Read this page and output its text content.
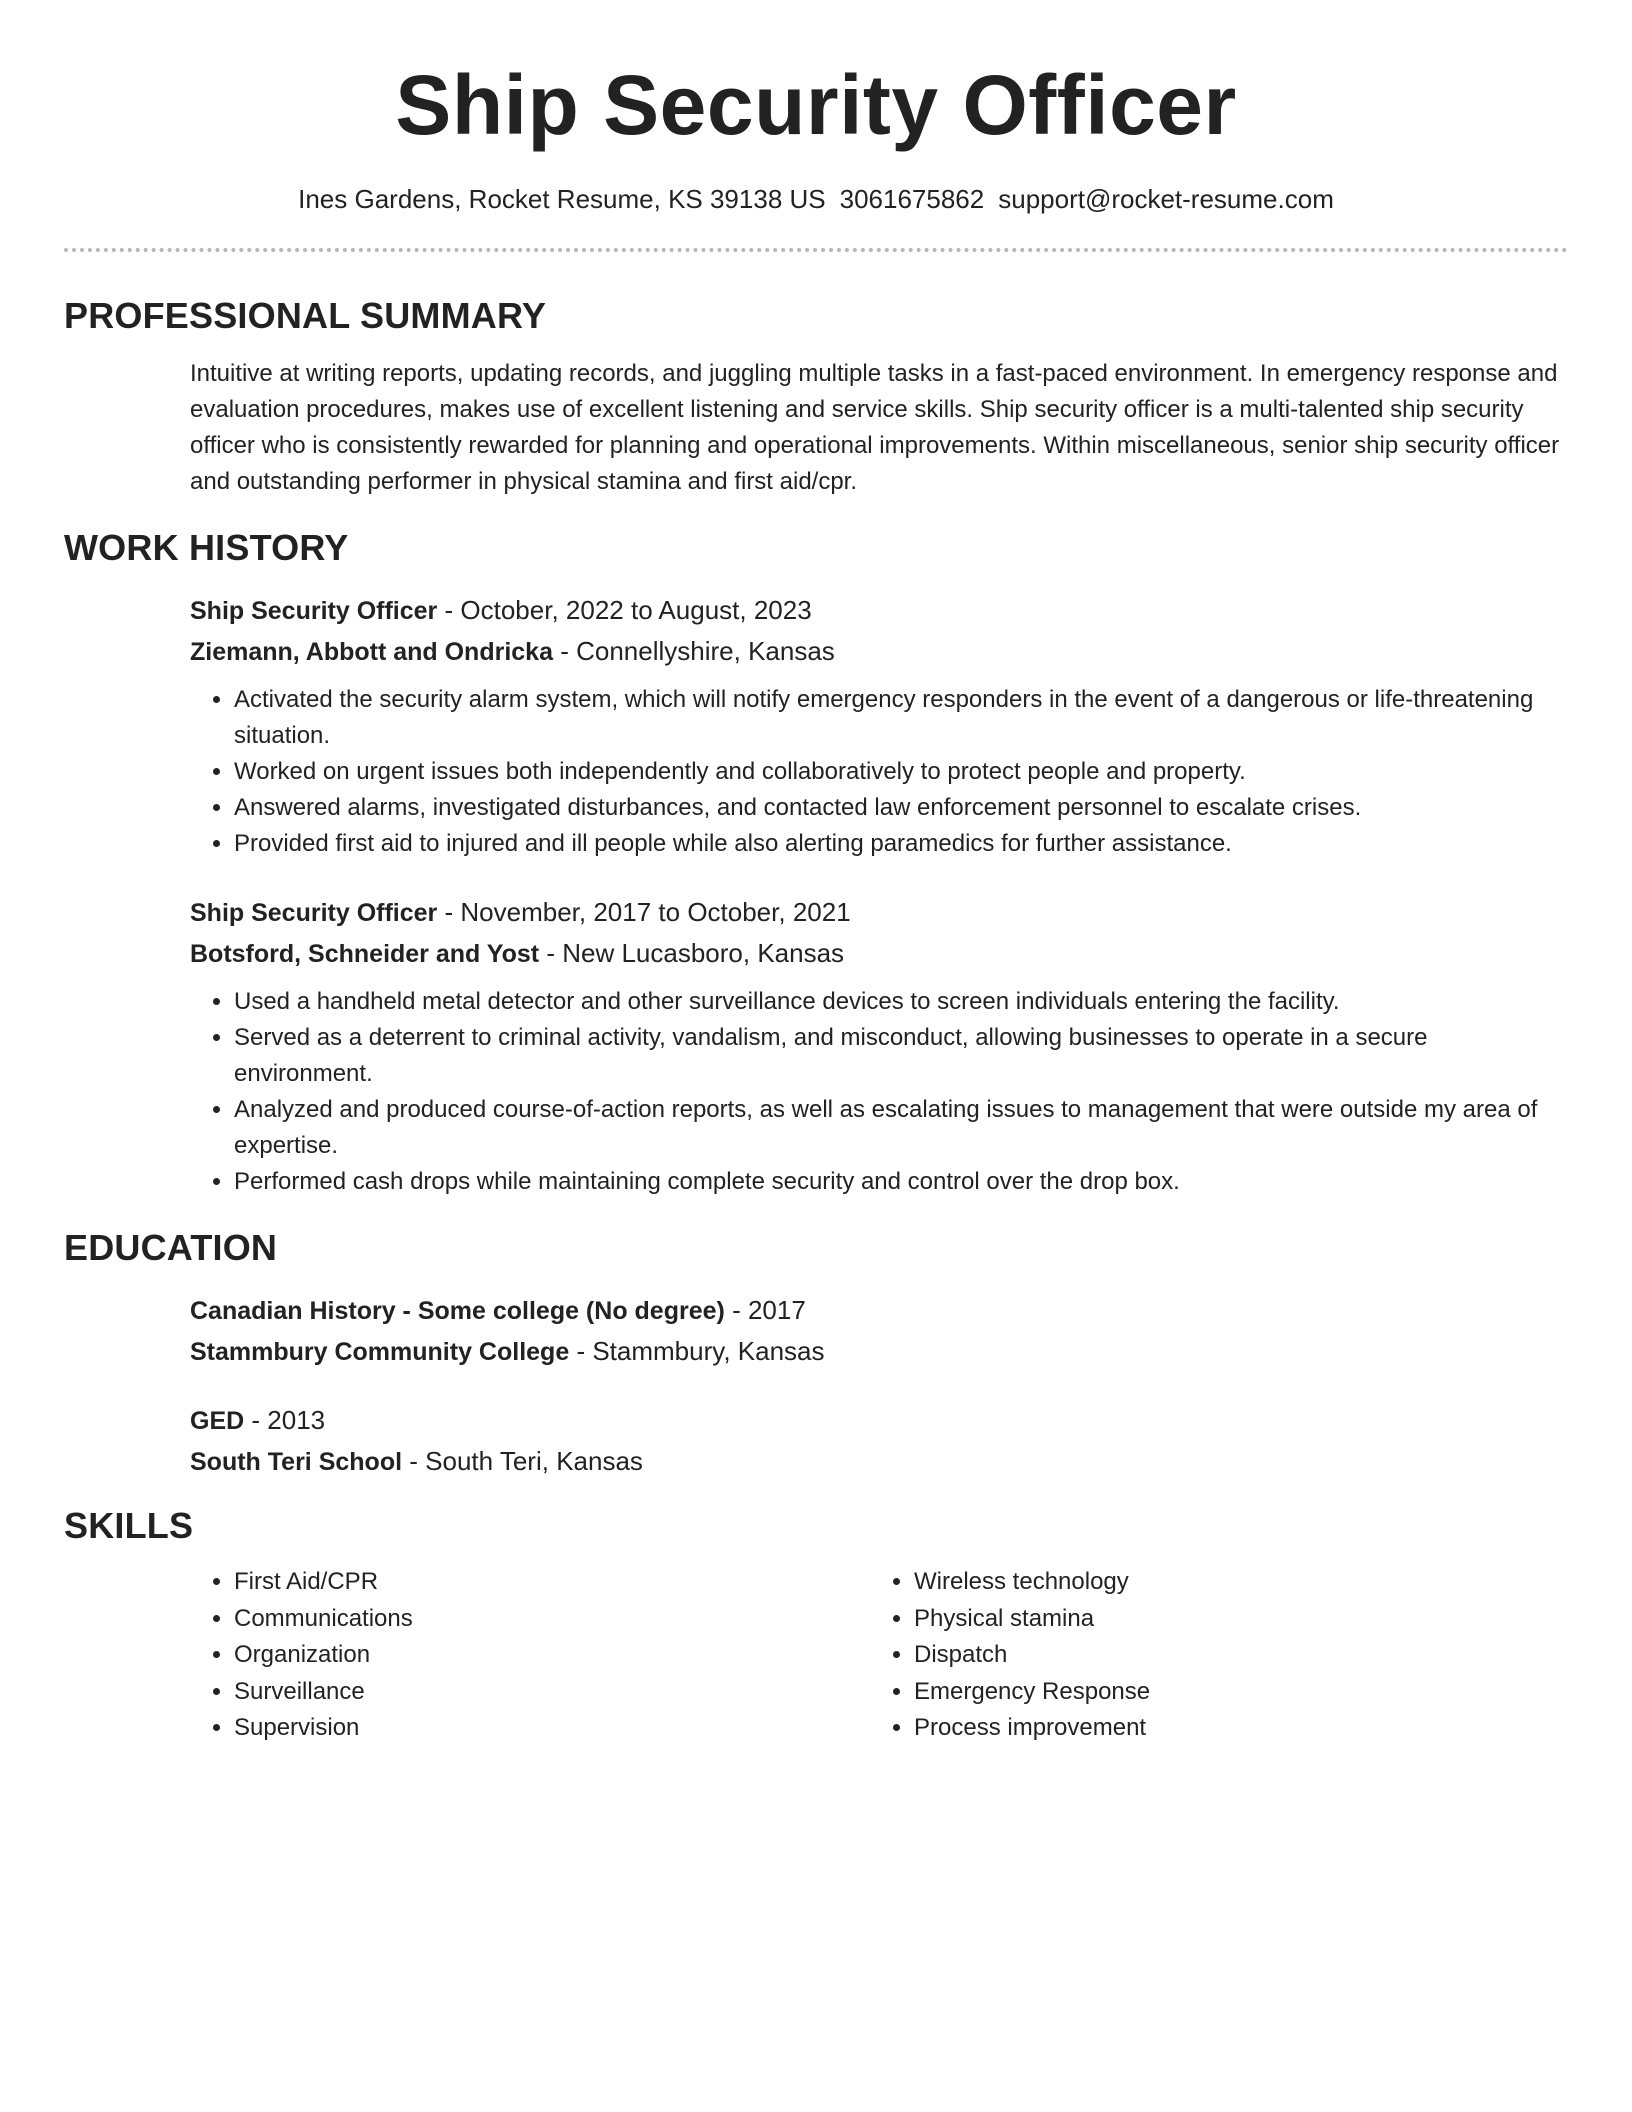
Ship Security Officer
Ines Gardens, Rocket Resume, KS 39138 US 3061675862 support@rocket-resume.com
PROFESSIONAL SUMMARY
Intuitive at writing reports, updating records, and juggling multiple tasks in a fast-paced environment. In emergency response and evaluation procedures, makes use of excellent listening and service skills. Ship security officer is a multi-talented ship security officer who is consistently rewarded for planning and operational improvements. Within miscellaneous, senior ship security officer and outstanding performer in physical stamina and first aid/cpr.
WORK HISTORY
Ship Security Officer - October, 2022 to August, 2023
Ziemann, Abbott and Ondricka - Connellyshire, Kansas
• Activated the security alarm system, which will notify emergency responders in the event of a dangerous or life-threatening situation.
• Worked on urgent issues both independently and collaboratively to protect people and property.
• Answered alarms, investigated disturbances, and contacted law enforcement personnel to escalate crises.
• Provided first aid to injured and ill people while also alerting paramedics for further assistance.
Ship Security Officer - November, 2017 to October, 2021
Botsford, Schneider and Yost - New Lucasboro, Kansas
• Used a handheld metal detector and other surveillance devices to screen individuals entering the facility.
• Served as a deterrent to criminal activity, vandalism, and misconduct, allowing businesses to operate in a secure environment.
• Analyzed and produced course-of-action reports, as well as escalating issues to management that were outside my area of expertise.
• Performed cash drops while maintaining complete security and control over the drop box.
EDUCATION
Canadian History - Some college (No degree) - 2017
Stammbury Community College - Stammbury, Kansas
GED - 2013
South Teri School - South Teri, Kansas
SKILLS
• First Aid/CPR
• Communications
• Organization
• Surveillance
• Supervision
• Wireless technology
• Physical stamina
• Dispatch
• Emergency Response
• Process improvement
